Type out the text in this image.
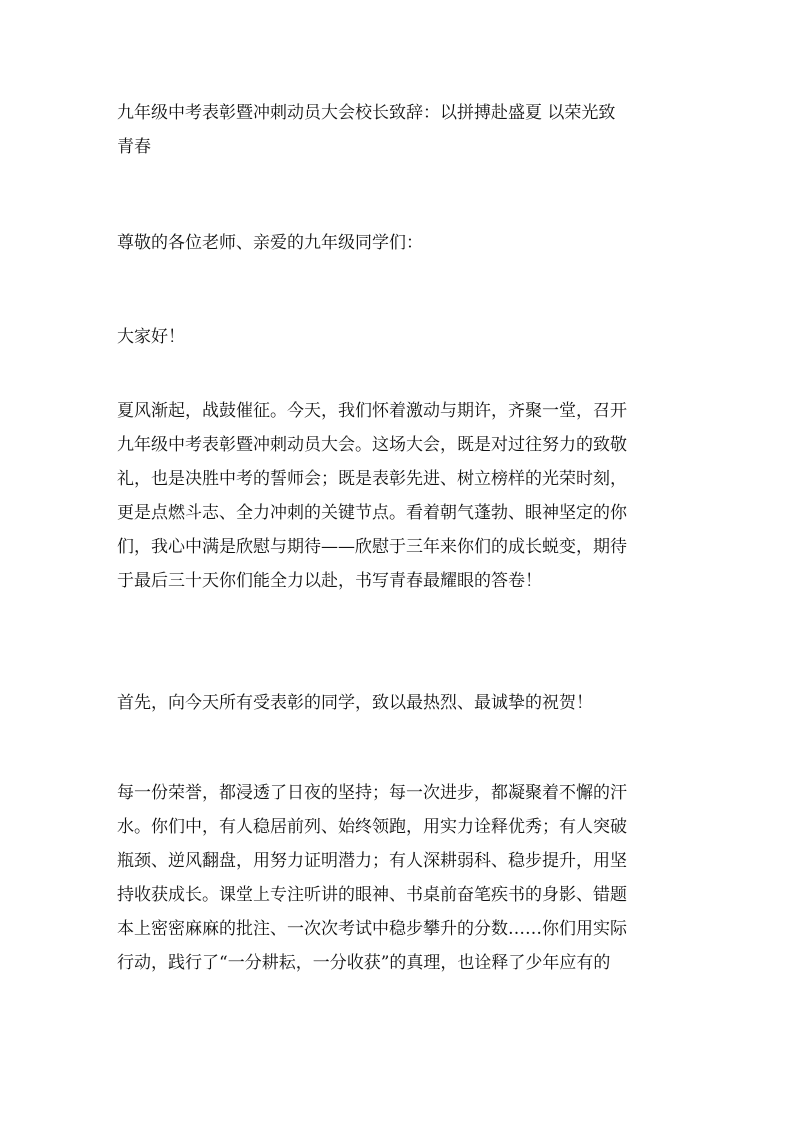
九年级中考表彰暨冲刺动员大会校长致辞：以拼搏赴盛夏 以荣光致
青春
尊敬的各位老师、亲爱的九年级同学们：
大家好！
夏风渐起，战鼓催征。今天，我们怀着激动与期许，齐聚一堂，召开
九年级中考表彰暨冲刺动员大会。这场大会，既是对过往努力的致敬
礼，也是决胜中考的誓师会；既是表彰先进、树立榜样的光荣时刻，
更是点燃斗志、全力冲刺的关键节点。看着朝气蓬勃、眼神坚定的你
们，我心中满是欣慰与期待——欣慰于三年来你们的成长蜕变，期待
于最后三十天你们能全力以赴，书写青春最耀眼的答卷！
首先，向今天所有受表彰的同学，致以最热烈、最诚挚的祝贺！
每一份荣誉，都浸透了日夜的坚持；每一次进步，都凝聚着不懈的汗
水。你们中，有人稳居前列、始终领跑，用实力诠释优秀；有人突破
瓶颈、逆风翻盘，用努力证明潜力；有人深耕弱科、稳步提升，用坚
持收获成长。课堂上专注听讲的眼神、书桌前奋笔疾书的身影、错题
本上密密麻麻的批注、一次次考试中稳步攀升的分数……你们用实际
行动，践行了“一分耕耘，一分收获”的真理，也诠释了少年应有的
